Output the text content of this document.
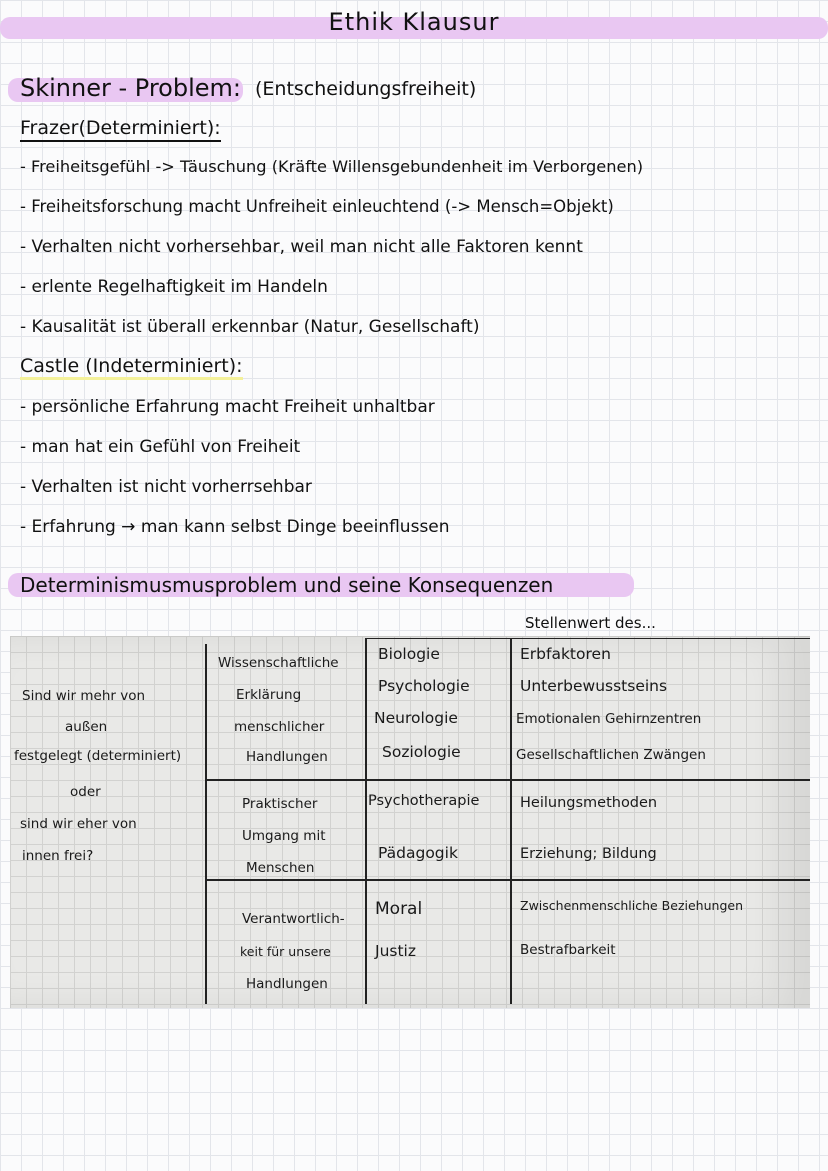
Ethik Klausur
Skinner - Problem: (Entscheidungsfreiheit)
Frazer(Determiniert):
- Freiheitsgefühl -> Täuschung (Kräfte Willensgebundenheit im Verborgenen)
- Freiheitsforschung macht Unfreiheit einleuchtend (-> Mensch=Objekt)
- Verhalten nicht vorhersehbar, weil man nicht alle Faktoren kennt
- erlente Regelhaftigkeit im Handeln
- Kausalität ist überall erkennbar (Natur, Gesellschaft)
Castle (Indeterminiert):
- persönliche Erfahrung macht Freiheit unhaltbar
- man hat ein Gefühl von Freiheit
- Verhalten ist nicht vorherrsehbar
- Erfahrung → man kann selbst Dinge beeinflussen
Determinismusmusproblem und seine Konsequenzen
Stellenwert des...
Sind wir mehr von
außen
festgelegt (determiniert)
oder
sind wir eher von
innen frei?
Wissenschaftliche
Erklärung
menschlicher
Handlungen
Biologie
Psychologie
Neurologie
Soziologie
Erbfaktoren
Unterbewusstseins
Emotionalen Gehirnzentren
Gesellschaftlichen Zwängen
Praktischer
Umgang mit
Menschen
Psychotherapie
Pädagogik
Heilungsmethoden
Erziehung; Bildung
Verantwortlich-
keit für unsere
Handlungen
Moral
Justiz
Zwischenmenschliche Beziehungen
Bestrafbarkeit
